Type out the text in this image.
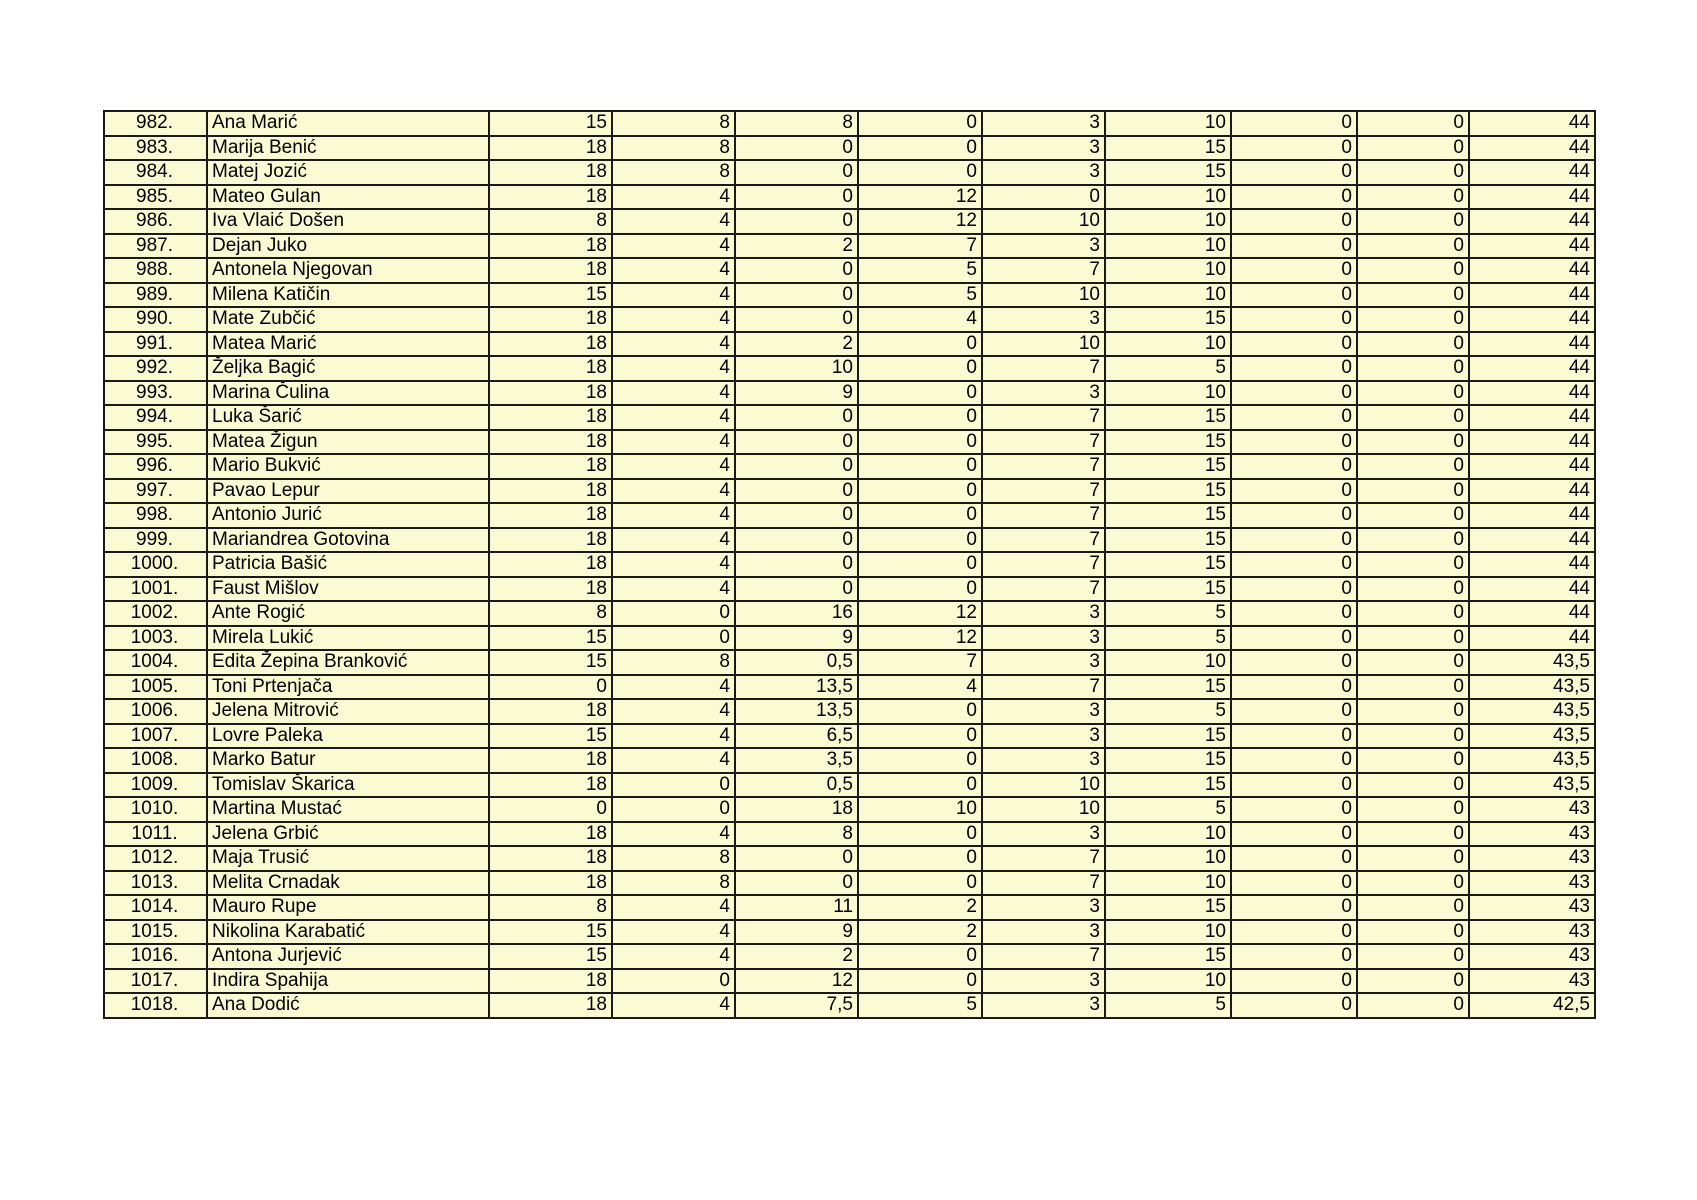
982.	Ana Marić	15	8	8	0	3	10	0	0	44
983.	Marija Benić	18	8	0	0	3	15	0	0	44
984.	Matej Jozić	18	8	0	0	3	15	0	0	44
985.	Mateo Gulan	18	4	0	12	0	10	0	0	44
986.	Iva Vlaić Došen	8	4	0	12	10	10	0	0	44
987.	Dejan Juko	18	4	2	7	3	10	0	0	44
988.	Antonela Njegovan	18	4	0	5	7	10	0	0	44
989.	Milena Katičin	15	4	0	5	10	10	0	0	44
990.	Mate Zubčić	18	4	0	4	3	15	0	0	44
991.	Matea Marić	18	4	2	0	10	10	0	0	44
992.	Željka Bagić	18	4	10	0	7	5	0	0	44
993.	Marina Čulina	18	4	9	0	3	10	0	0	44
994.	Luka Šarić	18	4	0	0	7	15	0	0	44
995.	Matea Žigun	18	4	0	0	7	15	0	0	44
996.	Mario Bukvić	18	4	0	0	7	15	0	0	44
997.	Pavao Lepur	18	4	0	0	7	15	0	0	44
998.	Antonio Jurić	18	4	0	0	7	15	0	0	44
999.	Mariandrea Gotovina	18	4	0	0	7	15	0	0	44
1000.	Patricia Bašić	18	4	0	0	7	15	0	0	44
1001.	Faust Mišlov	18	4	0	0	7	15	0	0	44
1002.	Ante Rogić	8	0	16	12	3	5	0	0	44
1003.	Mirela Lukić	15	0	9	12	3	5	0	0	44
1004.	Edita Žepina Branković	15	8	0,5	7	3	10	0	0	43,5
1005.	Toni Prtenjača	0	4	13,5	4	7	15	0	0	43,5
1006.	Jelena Mitrović	18	4	13,5	0	3	5	0	0	43,5
1007.	Lovre Paleka	15	4	6,5	0	3	15	0	0	43,5
1008.	Marko Batur	18	4	3,5	0	3	15	0	0	43,5
1009.	Tomislav Škarica	18	0	0,5	0	10	15	0	0	43,5
1010.	Martina Mustać	0	0	18	10	10	5	0	0	43
1011.	Jelena Grbić	18	4	8	0	3	10	0	0	43
1012.	Maja Trusić	18	8	0	0	7	10	0	0	43
1013.	Melita Crnadak	18	8	0	0	7	10	0	0	43
1014.	Mauro Rupe	8	4	11	2	3	15	0	0	43
1015.	Nikolina Karabatić	15	4	9	2	3	10	0	0	43
1016.	Antona Jurjević	15	4	2	0	7	15	0	0	43
1017.	Indira Spahija	18	0	12	0	3	10	0	0	43
1018.	Ana Dodić	18	4	7,5	5	3	5	0	0	42,5
